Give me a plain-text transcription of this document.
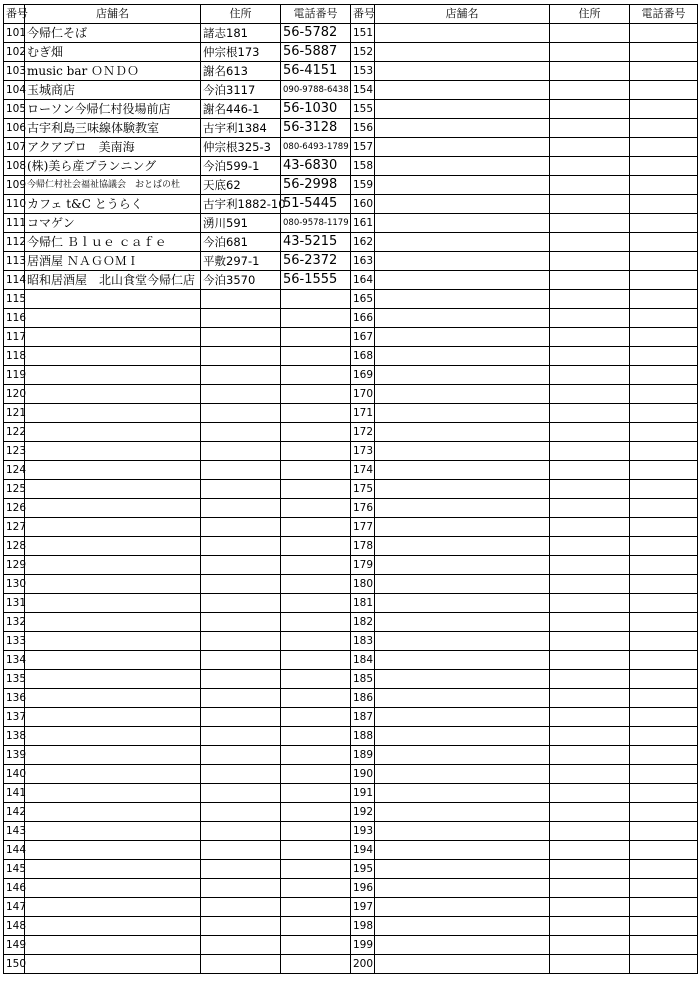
番号	店舗名	住所	電話番号	番号	店舗名	住所	電話番号
101	今帰仁そば	諸志181	56-5782	151			
102	むぎ畑	仲宗根173	56-5887	152			
103	music bar ＯＮＤＯ	謝名613	56-4151	153			
104	玉城商店	今泊3117	090-9788-6438	154			
105	ローソン今帰仁村役場前店	謝名446-1	56-1030	155			
106	古宇利島三味線体験教室	古宇利1384	56-3128	156			
107	アクアプロ　美南海	仲宗根325-3	080-6493-1789	157			
108	(株)美ら産プランニング	今泊599-1	43-6830	158			
109	今帰仁村社会福祉協議会　おとぱの杜	天底62	56-2998	159			
110	カフェ t&C とうらく	古宇利1882-10	51-5445	160			
111	コマゲン	湧川591	080-9578-1179	161			
112	今帰仁 Ｂｌｕｅ ｃａｆｅ	今泊681	43-5215	162			
113	居酒屋 ＮＡＧＯＭＩ	平敷297-1	56-2372	163			
114	昭和居酒屋　北山食堂今帰仁店	今泊3570	56-1555	164			
115				165			
116				166			
117				167			
118				168			
119				169			
120				170			
121				171			
122				172			
123				173			
124				174			
125				175			
126				176			
127				177			
128				178			
129				179			
130				180			
131				181			
132				182			
133				183			
134				184			
135				185			
136				186			
137				187			
138				188			
139				189			
140				190			
141				191			
142				192			
143				193			
144				194			
145				195			
146				196			
147				197			
148				198			
149				199			
150				200			
